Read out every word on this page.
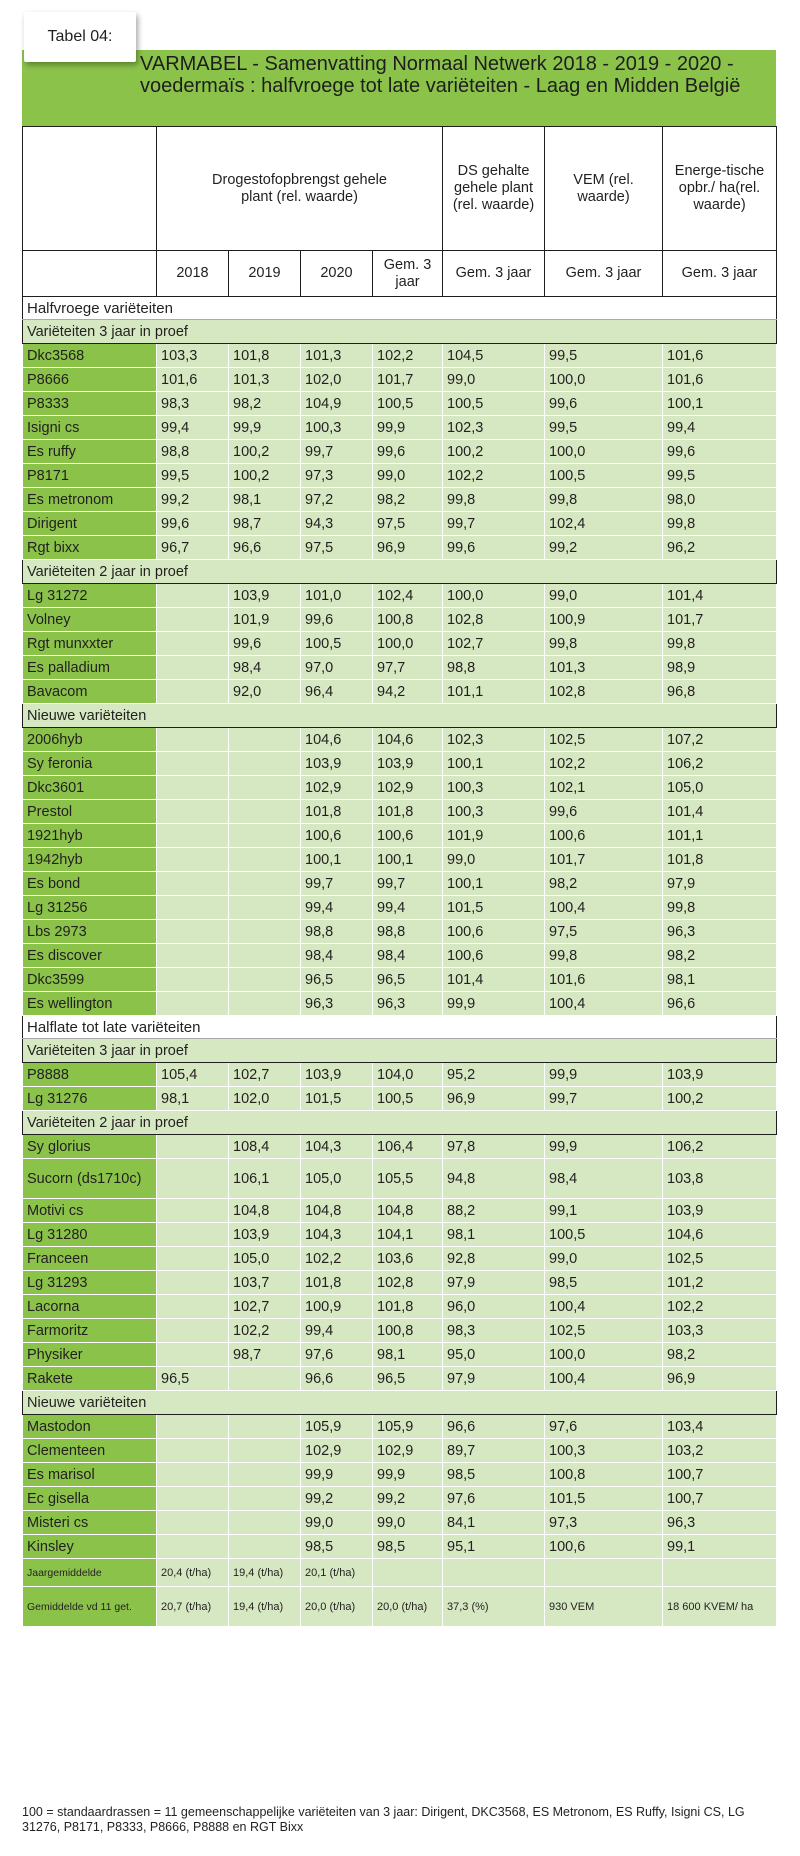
Tabel 04:
VARMABEL - Samenvatting Normaal Netwerk 2018 - 2019 - 2020 - voedermaïs : halfvroege tot late variëteiten - Laag en Midden België
	Drogestofopbrengst gehele plant (rel. waarde)				DS gehalte gehele plant (rel. waarde)	VEM (rel. waarde)	Energe-tische opbr./ ha(rel. waarde)
	2018	2019	2020	Gem. 3 jaar	Gem. 3 jaar	Gem. 3 jaar	Gem. 3 jaar
Halfvroege variëteiten							
Variëteiten 3 jaar in proef							
Dkc3568	103,3	101,8	101,3	102,2	104,5	99,5	101,6
P8666	101,6	101,3	102,0	101,7	99,0	100,0	101,6
P8333	98,3	98,2	104,9	100,5	100,5	99,6	100,1
Isigni cs	99,4	99,9	100,3	99,9	102,3	99,5	99,4
Es ruffy	98,8	100,2	99,7	99,6	100,2	100,0	99,6
P8171	99,5	100,2	97,3	99,0	102,2	100,5	99,5
Es metronom	99,2	98,1	97,2	98,2	99,8	99,8	98,0
Dirigent	99,6	98,7	94,3	97,5	99,7	102,4	99,8
Rgt bixx	96,7	96,6	97,5	96,9	99,6	99,2	96,2
Variëteiten 2 jaar in proef							
Lg 31272		103,9	101,0	102,4	100,0	99,0	101,4
Volney		101,9	99,6	100,8	102,8	100,9	101,7
Rgt munxxter		99,6	100,5	100,0	102,7	99,8	99,8
Es palladium		98,4	97,0	97,7	98,8	101,3	98,9
Bavacom		92,0	96,4	94,2	101,1	102,8	96,8
Nieuwe variëteiten							
2006hyb			104,6	104,6	102,3	102,5	107,2
Sy feronia			103,9	103,9	100,1	102,2	106,2
Dkc3601			102,9	102,9	100,3	102,1	105,0
Prestol			101,8	101,8	100,3	99,6	101,4
1921hyb			100,6	100,6	101,9	100,6	101,1
1942hyb			100,1	100,1	99,0	101,7	101,8
Es bond			99,7	99,7	100,1	98,2	97,9
Lg 31256			99,4	99,4	101,5	100,4	99,8
Lbs 2973			98,8	98,8	100,6	97,5	96,3
Es discover			98,4	98,4	100,6	99,8	98,2
Dkc3599			96,5	96,5	101,4	101,6	98,1
Es wellington			96,3	96,3	99,9	100,4	96,6
Halflate tot late variëteiten							
Variëteiten 3 jaar in proef							
P8888	105,4	102,7	103,9	104,0	95,2	99,9	103,9
Lg 31276	98,1	102,0	101,5	100,5	96,9	99,7	100,2
Variëteiten 2 jaar in proef							
Sy glorius		108,4	104,3	106,4	97,8	99,9	106,2
Sucorn (ds1710c)		106,1	105,0	105,5	94,8	98,4	103,8
Motivi cs		104,8	104,8	104,8	88,2	99,1	103,9
Lg 31280		103,9	104,3	104,1	98,1	100,5	104,6
Franceen		105,0	102,2	103,6	92,8	99,0	102,5
Lg 31293		103,7	101,8	102,8	97,9	98,5	101,2
Lacorna		102,7	100,9	101,8	96,0	100,4	102,2
Farmoritz		102,2	99,4	100,8	98,3	102,5	103,3
Physiker		98,7	97,6	98,1	95,0	100,0	98,2
Rakete	96,5		96,6	96,5	97,9	100,4	96,9
Nieuwe variëteiten							
Mastodon			105,9	105,9	96,6	97,6	103,4
Clementeen			102,9	102,9	89,7	100,3	103,2
Es marisol			99,9	99,9	98,5	100,8	100,7
Ec gisella			99,2	99,2	97,6	101,5	100,7
Misteri cs			99,0	99,0	84,1	97,3	96,3
Kinsley			98,5	98,5	95,1	100,6	99,1
Jaargemiddelde	20,4 (t/ha)	19,4 (t/ha)	20,1 (t/ha)				
Gemiddelde vd 11 get.	20,7 (t/ha)	19,4 (t/ha)	20,0 (t/ha)	20,0 (t/ha)	37,3 (%)	930 VEM	18 600 KVEM/ ha
100 = standaardrassen = 11 gemeenschappelijke variëteiten van 3 jaar: Dirigent, DKC3568, ES Metronom, ES Ruffy, Isigni CS, LG 31276, P8171, P8333, P8666, P8888 en RGT Bixx
